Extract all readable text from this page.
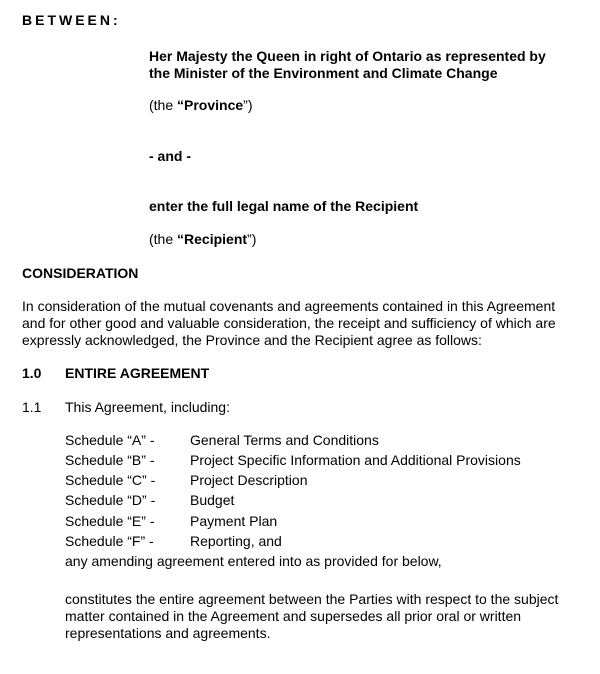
BETWEEN:
Her Majesty the Queen in right of Ontario as represented by
the Minister of the Environment and Climate Change
(the “Province”)
- and -
enter the full legal name of the Recipient
(the “Recipient”)
CONSIDERATION
In consideration of the mutual covenants and agreements contained in this Agreement
and for other good and valuable consideration, the receipt and sufficiency of which are
expressly acknowledged, the Province and the Recipient agree as follows:
1.0 ENTIRE AGREEMENT
1.1 This Agreement, including:
Schedule “A” -	General Terms and Conditions
Schedule “B” -	Project Specific Information and Additional Provisions
Schedule “C” - Project Description
Schedule “D” - Budget
Schedule “E” -	Payment Plan
Schedule “F” -	Reporting, and
any amending agreement entered into as provided for below,
constitutes the entire agreement between the Parties with respect to the subject
matter contained in the Agreement and supersedes all prior oral or written
representations and agreements.
